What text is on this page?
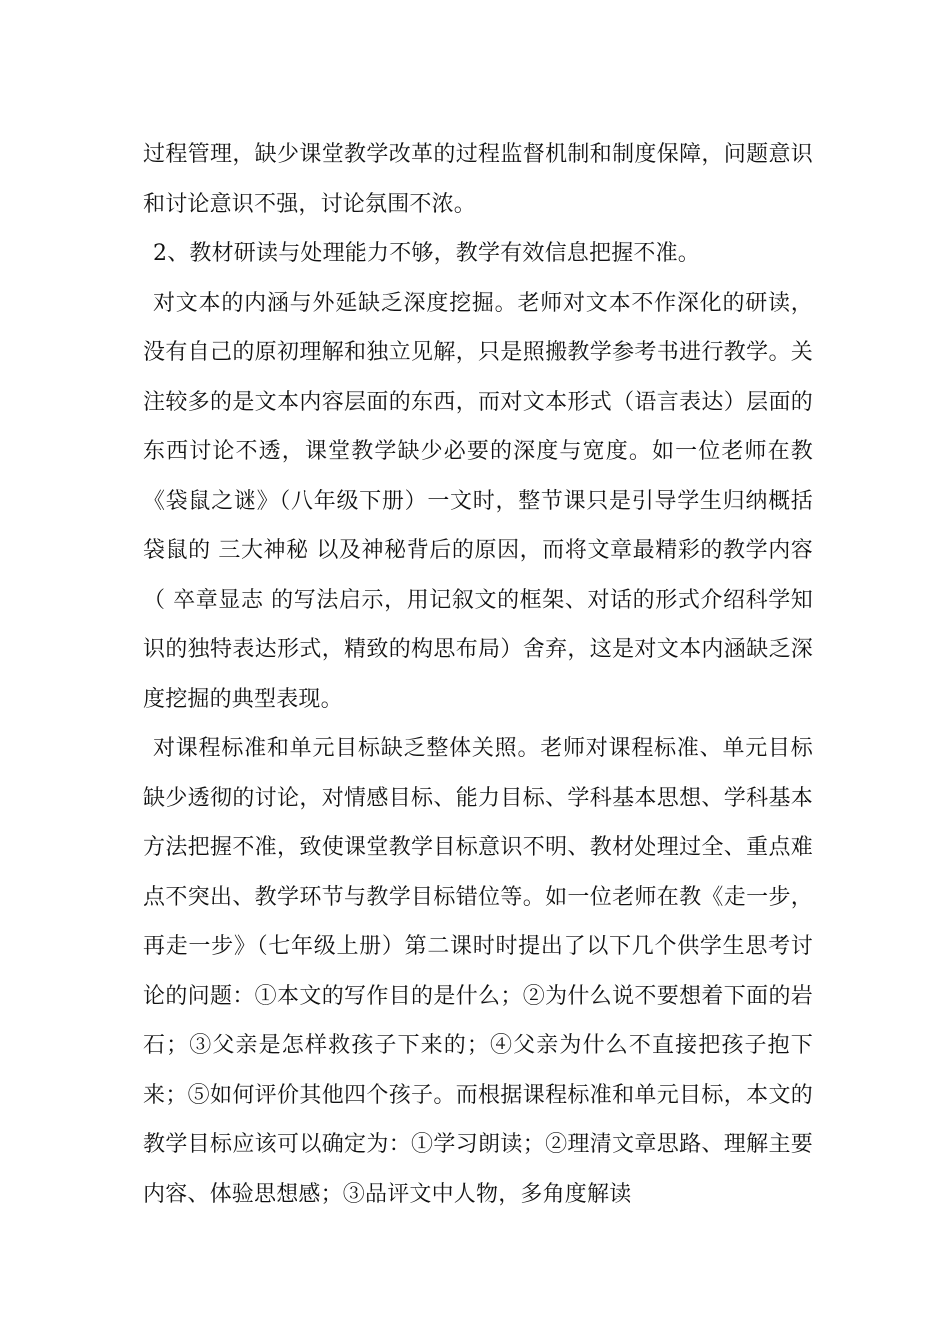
过程管理，缺少课堂教学改革的过程监督机制和制度保障，问题意识和讨论意识不强，讨论氛围不浓。

2、教材研读与处理能力不够，教学有效信息把握不准。

对文本的内涵与外延缺乏深度挖掘。老师对文本不作深化的研读，没有自己的原初理解和独立见解，只是照搬教学参考书进行教学。关注较多的是文本内容层面的东西，而对文本形式（语言表达）层面的东西讨论不透，课堂教学缺少必要的深度与宽度。如一位老师在教《袋鼠之谜》（八年级下册）一文时，整节课只是引导学生归纳概括袋鼠的 三大神秘 以及神秘背后的原因，而将文章最精彩的教学内容（ 卒章显志 的写法启示，用记叙文的框架、对话的形式介绍科学知识的独特表达形式，精致的构思布局）舍弃，这是对文本内涵缺乏深度挖掘的典型表现。

对课程标准和单元目标缺乏整体关照。老师对课程标准、单元目标缺少透彻的讨论，对情感目标、能力目标、学科基本思想、学科基本方法把握不准，致使课堂教学目标意识不明、教材处理过全、重点难点不突出、教学环节与教学目标错位等。如一位老师在教《走一步，再走一步》（七年级上册）第二课时时提出了以下几个供学生思考讨论的问题：①本文的写作目的是什么；②为什么说不要想着下面的岩石；③父亲是怎样救孩子下来的；④父亲为什么不直接把孩子抱下来；⑤如何评价其他四个孩子。而根据课程标准和单元目标，本文的教学目标应该可以确定为：①学习朗读；②理清文章思路、理解主要内容、体验思想感；③品评文中人物，多角度解读
